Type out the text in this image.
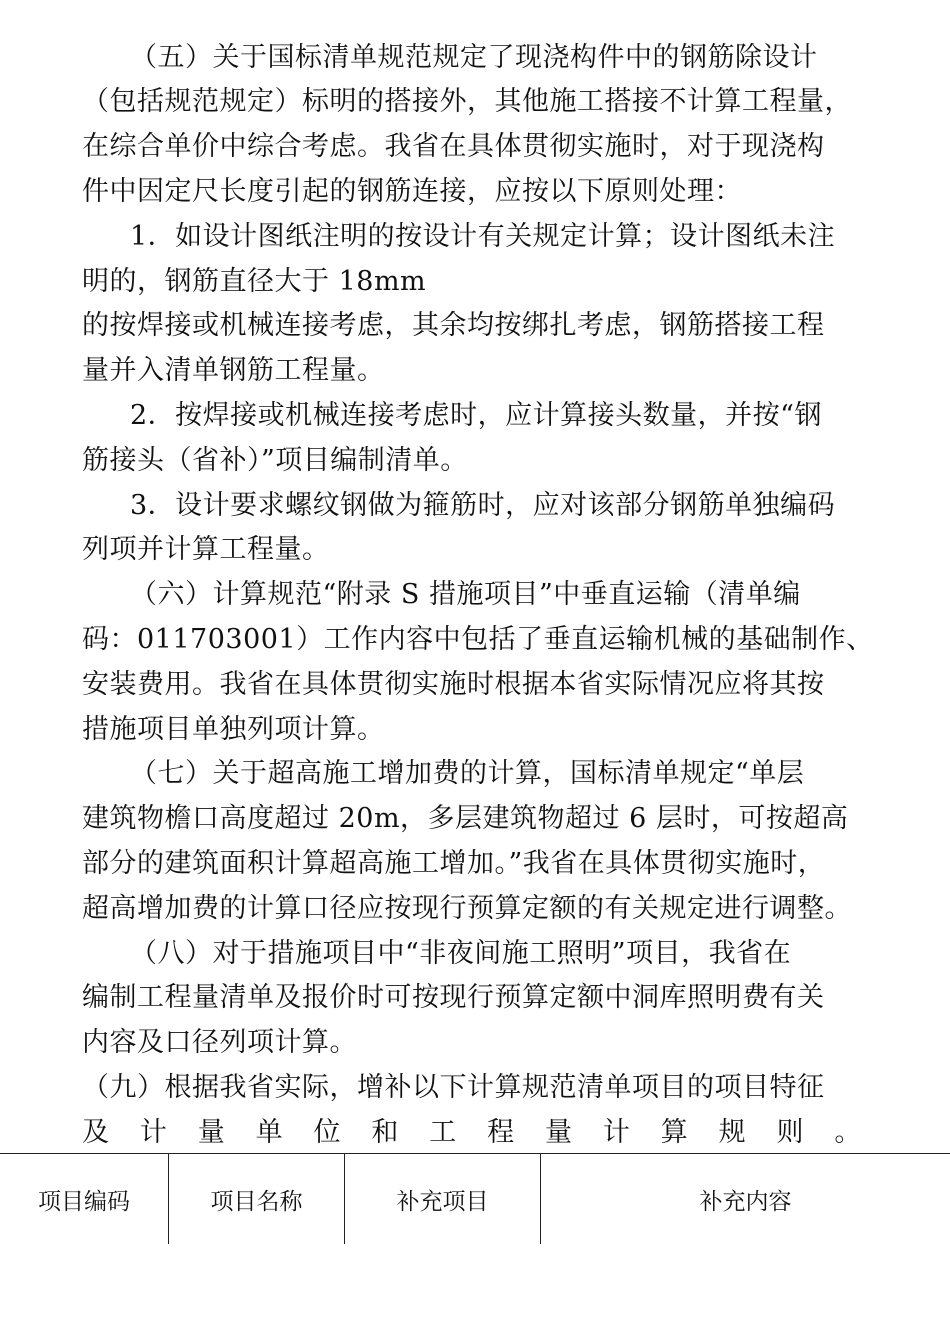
（五）关于国标清单规范规定了现浇构件中的钢筋除设计
（包括规范规定）标明的搭接外，其他施工搭接不计算工程量，
在综合单价中综合考虑。我省在具体贯彻实施时，对于现浇构
件中因定尺长度引起的钢筋连接，应按以下原则处理：
1．如设计图纸注明的按设计有关规定计算；设计图纸未注
明的，钢筋直径大于 18mm
的按焊接或机械连接考虑，其余均按绑扎考虑，钢筋搭接工程
量并入清单钢筋工程量。
2．按焊接或机械连接考虑时，应计算接头数量，并按“钢
筋接头（省补）”项目编制清单。
3．设计要求螺纹钢做为箍筋时，应对该部分钢筋单独编码
列项并计算工程量。
（六）计算规范“附录 S 措施项目”中垂直运输（清单编
码：011703001）工作内容中包括了垂直运输机械的基础制作、
安装费用。我省在具体贯彻实施时根据本省实际情况应将其按
措施项目单独列项计算。
（七）关于超高施工增加费的计算，国标清单规定“单层
建筑物檐口高度超过 20m，多层建筑物超过 6 层时，可按超高
部分的建筑面积计算超高施工增加。”我省在具体贯彻实施时，
超高增加费的计算口径应按现行预算定额的有关规定进行调整。
（八）对于措施项目中“非夜间施工照明”项目，我省在
编制工程量清单及报价时可按现行预算定额中洞库照明费有关
内容及口径列项计算。
（九）根据我省实际，增补以下计算规范清单项目的项目特征
及 计 量 单 位 和 工 程 量 计 算 规 则 。
项目编码	项目名称	补充项目	补充内容
